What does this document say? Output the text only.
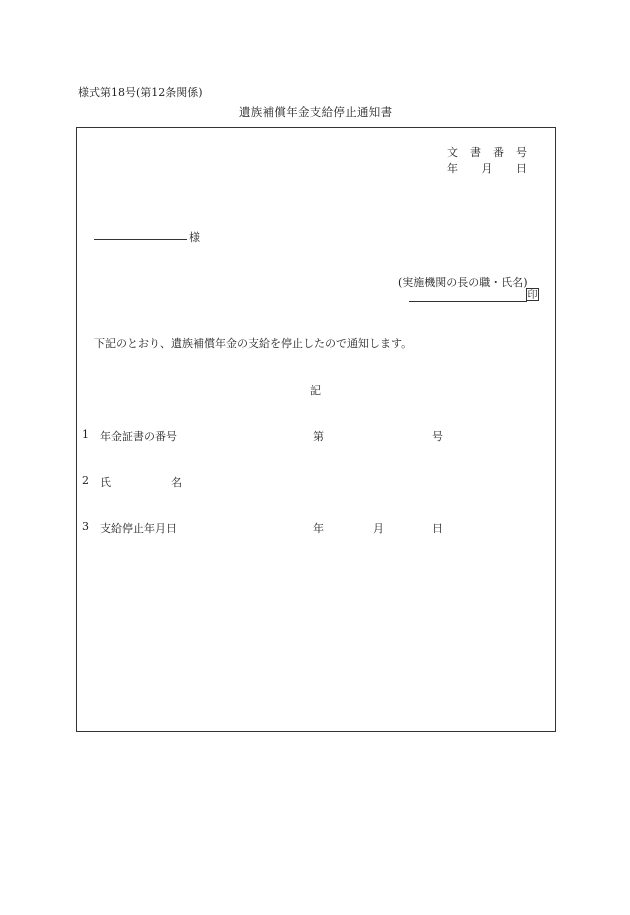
様式第18号(第12条関係)
遺族補償年金支給停止通知書
文 書 番 号
年 月 日
様
(実施機関の長の職・氏名)
印
下記のとおり、遺族補償年金の支給を停止したので通知します。
記
1 年金証書の番号	第	号
2 氏	名
3 支給停止年月日	年	月	日
